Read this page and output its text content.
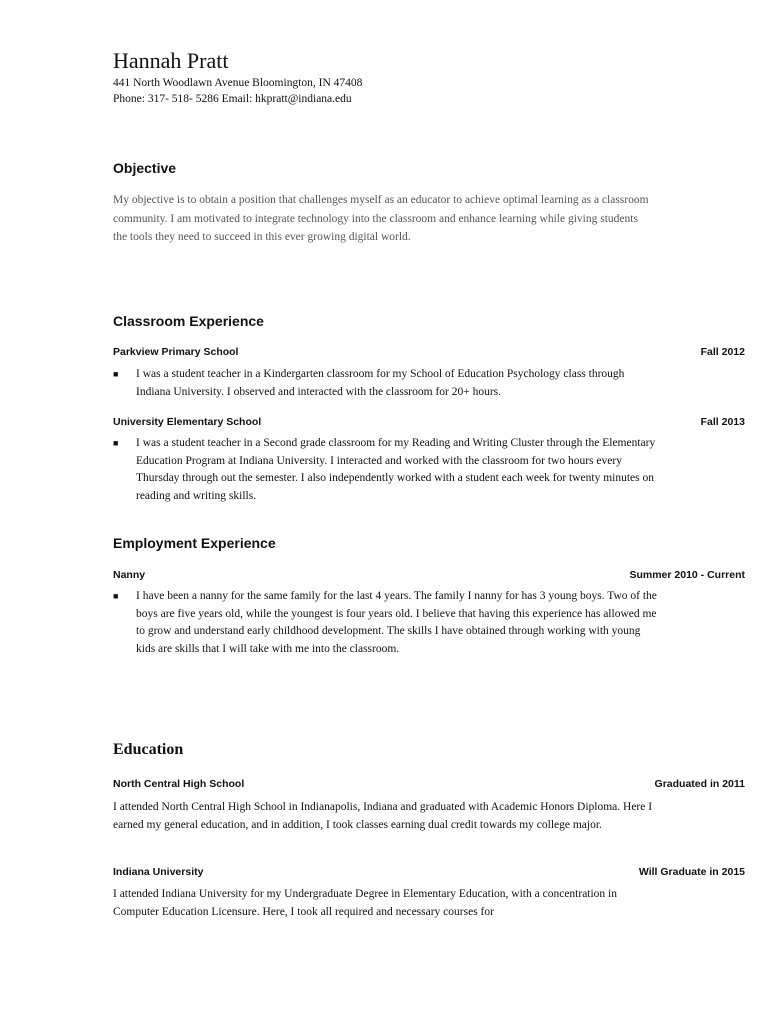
Hannah Pratt
441 North Woodlawn Avenue Bloomington, IN 47408
Phone: 317- 518- 5286 Email: hkpratt@indiana.edu
Objective
My objective is to obtain a position that challenges myself as an educator to achieve optimal learning as a classroom community. I am motivated to integrate technology into the classroom and enhance learning while giving students the tools they need to succeed in this ever growing digital world.
Classroom Experience
Parkview Primary School	Fall 2012
■	I was a student teacher in a Kindergarten classroom for my School of Education Psychology class through Indiana University. I observed and interacted with the classroom for 20+ hours.
University Elementary School	Fall 2013
■	I was a student teacher in a Second grade classroom for my Reading and Writing Cluster through the Elementary Education Program at Indiana University. I interacted and worked with the classroom for two hours every Thursday through out the semester. I also independently worked with a student each week for twenty minutes on reading and writing skills.
Employment Experience
Nanny	Summer 2010 - Current
■	I have been a nanny for the same family for the last 4 years. The family I nanny for has 3 young boys. Two of the boys are five years old, while the youngest is four years old. I believe that having this experience has allowed me to grow and understand early childhood development. The skills I have obtained through working with young kids are skills that I will take with me into the classroom.
Education
North Central High School	Graduated in 2011
I attended North Central High School in Indianapolis, Indiana and graduated with Academic Honors Diploma. Here I earned my general education, and in addition, I took classes earning dual credit towards my college major.
Indiana University	Will Graduate in 2015
I attended Indiana University for my Undergraduate Degree in Elementary Education, with a concentration in Computer Education Licensure. Here, I took all required and necessary courses for
